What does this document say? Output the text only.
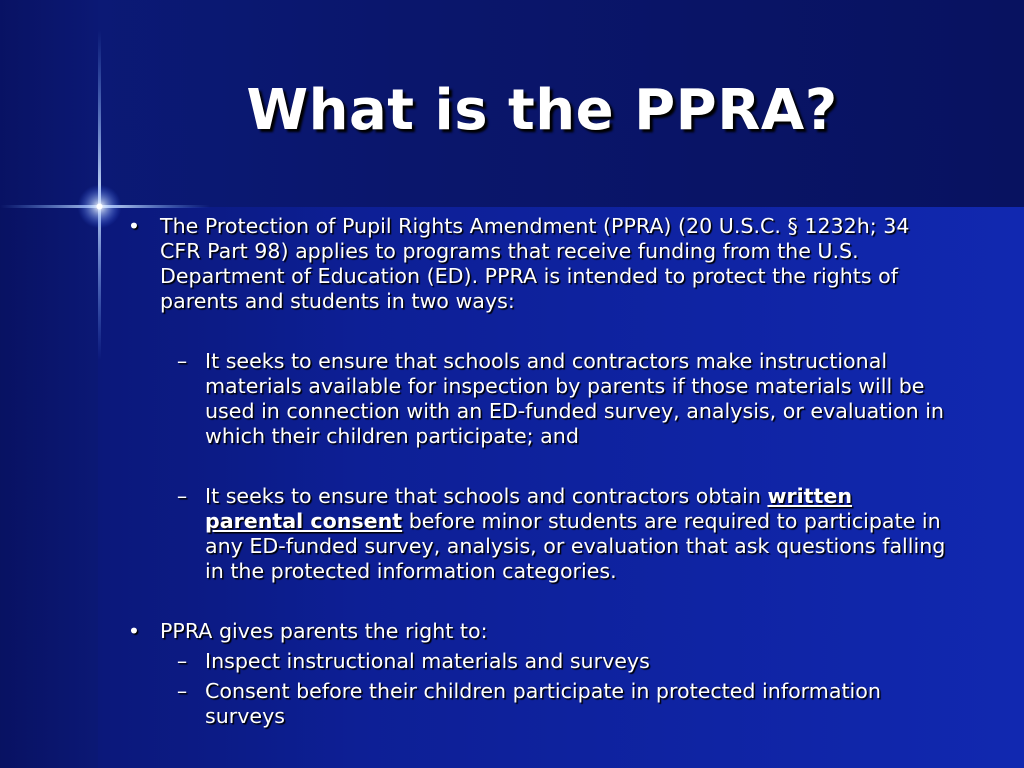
What is the PPRA?
• The Protection of Pupil Rights Amendment (PPRA) (20 U.S.C. § 1232h; 34 CFR Part 98) applies to programs that receive funding from the U.S. Department of Education (ED). PPRA is intended to protect the rights of parents and students in two ways:
– It seeks to ensure that schools and contractors make instructional materials available for inspection by parents if those materials will be used in connection with an ED-funded survey, analysis, or evaluation in which their children participate; and
– It seeks to ensure that schools and contractors obtain written parental consent before minor students are required to participate in any ED-funded survey, analysis, or evaluation that ask questions falling in the protected information categories.
• PPRA gives parents the right to:
– Inspect instructional materials and surveys
– Consent before their children participate in protected information surveys
